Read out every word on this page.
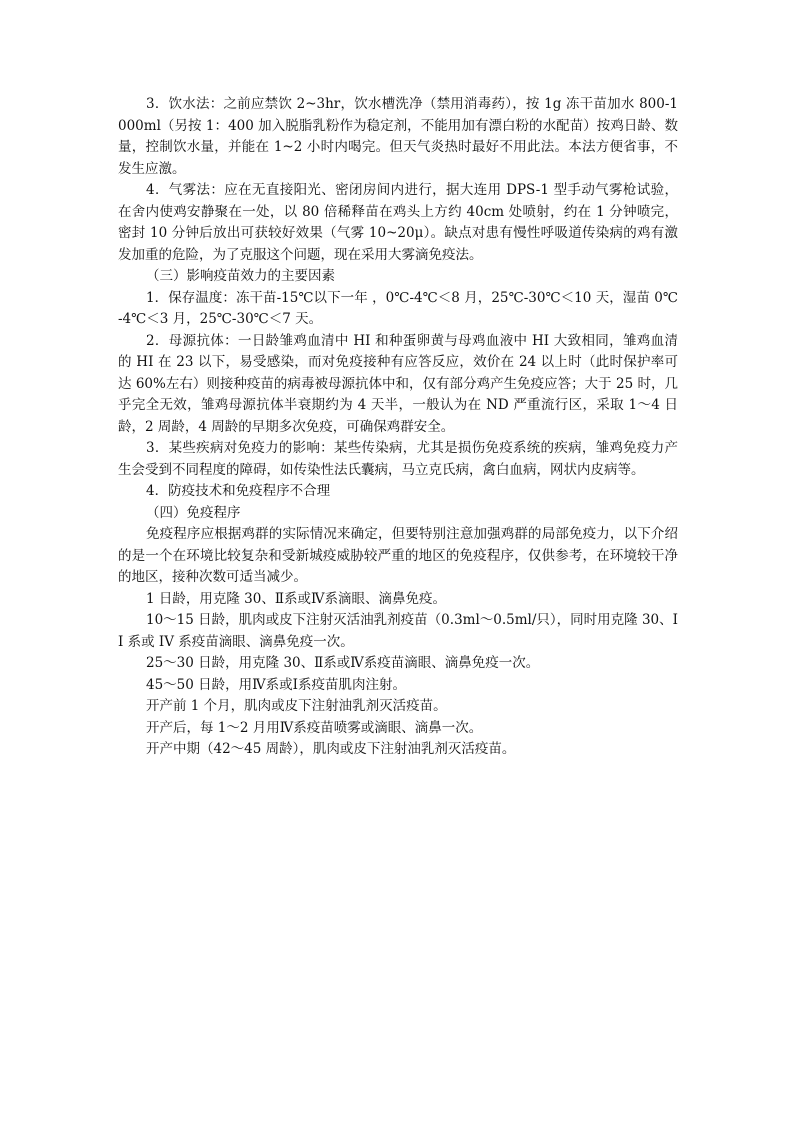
3．饮水法：之前应禁饮 2~3hr，饮水槽洗净（禁用消毒药），按 1g 冻干苗加水 800-1000ml（另按 1：400 加入脱脂乳粉作为稳定剂，不能用加有漂白粉的水配苗）按鸡日龄、数量，控制饮水量，并能在 1~2 小时内喝完。但天气炎热时最好不用此法。本法方便省事，不发生应激。

4．气雾法：应在无直接阳光、密闭房间内进行，据大连用 DPS-1 型手动气雾枪试验，在舍内使鸡安静聚在一处，以 80 倍稀释苗在鸡头上方约 40cm 处喷射，约在 1 分钟喷完，密封 10 分钟后放出可获较好效果（气雾 10~20μ）。缺点对患有慢性呼吸道传染病的鸡有激发加重的危险，为了克服这个问题，现在采用大雾滴免疫法。

（三）影响疫苗效力的主要因素

1．保存温度：冻干苗-15℃以下一年 ，0℃-4℃＜8 月，25℃-30℃＜10 天，湿苗 0℃-4℃＜3 月，25℃-30℃＜7 天。

2．母源抗体：一日龄雏鸡血清中 HI 和种蛋卵黄与母鸡血液中 HI 大致相同，雏鸡血清的 HI 在 23 以下，易受感染，而对免疫接种有应答反应，效价在 24 以上时（此时保护率可达 60%左右）则接种疫苗的病毒被母源抗体中和，仅有部分鸡产生免疫应答；大于 25 时，几乎完全无效，雏鸡母源抗体半衰期约为 4 天半，一般认为在 ND 严重流行区，采取 1～4 日龄，2 周龄，4 周龄的早期多次免疫，可确保鸡群安全。

3．某些疾病对免疫力的影响：某些传染病，尤其是损伤免疫系统的疾病，雏鸡免疫力产生会受到不同程度的障碍，如传染性法氏囊病，马立克氏病，禽白血病，网状内皮病等。

4．防疫技术和免疫程序不合理

（四）免疫程序

免疫程序应根据鸡群的实际情况来确定，但要特别注意加强鸡群的局部免疫力，以下介绍的是一个在环境比较复杂和受新城疫威胁较严重的地区的免疫程序，仅供参考，在环境较干净的地区，接种次数可适当减少。

1 日龄，用克隆 30、Ⅱ系或Ⅳ系滴眼、滴鼻免疫。

10～15 日龄，肌肉或皮下注射灭活油乳剂疫苗（0.3ml～0.5ml/只），同时用克隆 30、II 系或 IV 系疫苗滴眼、滴鼻免疫一次。

25～30 日龄，用克隆 30、Ⅱ系或Ⅳ系疫苗滴眼、滴鼻免疫一次。

45～50 日龄，用Ⅳ系或Ⅰ系疫苗肌肉注射。

开产前 1 个月，肌肉或皮下注射油乳剂灭活疫苗。

开产后，每 1～2 月用Ⅳ系疫苗喷雾或滴眼、滴鼻一次。

开产中期（42～45 周龄），肌肉或皮下注射油乳剂灭活疫苗。
